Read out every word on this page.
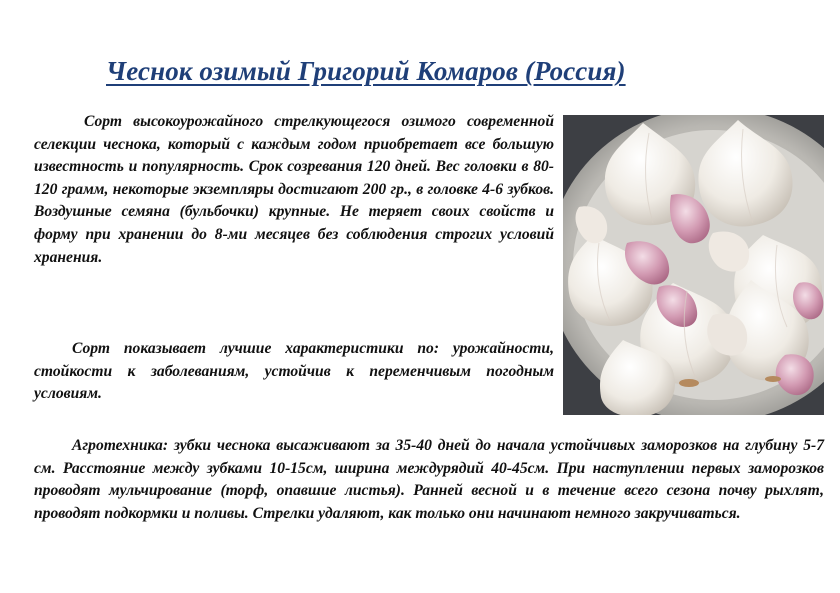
Чеснок озимый Григорий Комаров (Россия)

Сорт высокоурожайного стрелкующегося озимого современной селекции чеснока, который с каждым годом приобретает все большую известность и популярность. Срок созревания 120 дней. Вес головки в 80-120 грамм, некоторые экземпляры достигают 200 гр., в головке 4-6 зубков. Воздушные семяна (бульбочки) крупные. Не теряет своих свойств и форму при хранении до 8-ми месяцев без соблюдения строгих условий хранения.

Сорт показывает лучшие характеристики по: урожайности, стойкости к заболеваниям, устойчив к переменчивым погодным условиям.

Агротехника: зубки чеснока высаживают за 35-40 дней до начала устойчивых заморозков на глубину 5-7 см. Расстояние между зубками 10-15см, ширина междурядий 40-45см. При наступлении первых заморозков проводят мульчирование (торф, опавшие листья). Ранней весной и в течение всего сезона почву рыхлят, проводят подкормки и поливы. Стрелки удаляют, как только они начинают немного закручиваться.
